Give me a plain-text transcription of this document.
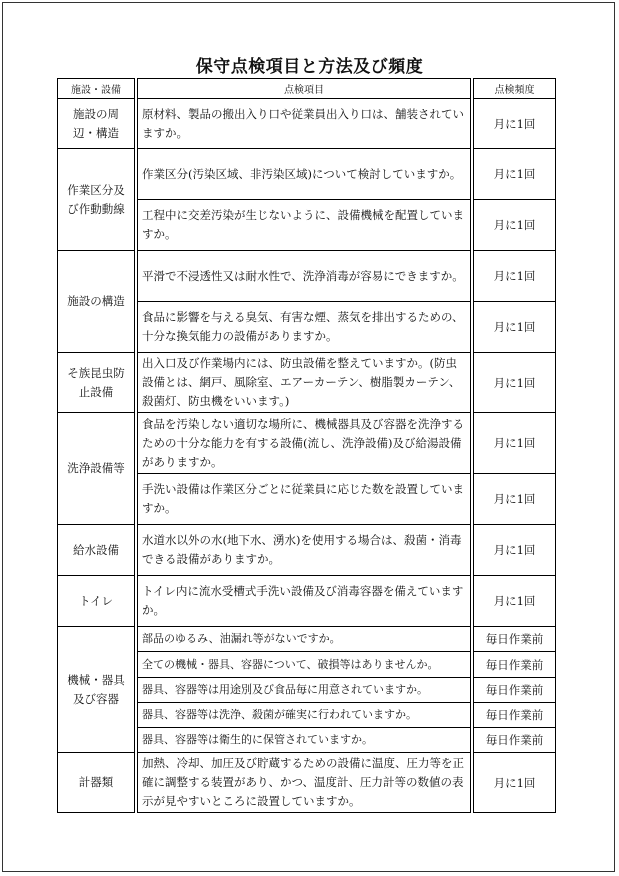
保守点検項目と方法及び頻度
施設・設備		点検項目		点検頻度
施設の周辺・構造		原材料、製品の搬出入り口や従業員出入り口は、舗装されていますか。		月に1回
作業区分及び作動動線		作業区分(汚染区域、非汚染区域)について検討していますか。		月に1回
		工程中に交差汚染が生じないように、設備機械を配置していますか。		月に1回
施設の構造		平滑で不浸透性又は耐水性で、洗浄消毒が容易にできますか。		月に1回
		食品に影響を与える臭気、有害な煙、蒸気を排出するための、十分な換気能力の設備がありますか。		月に1回
そ族昆虫防止設備		出入口及び作業場内には、防虫設備を整えていますか。(防虫設備とは、網戸、風除室、エアーカーテン、樹脂製カーテン、殺菌灯、防虫機をいいます。)		月に1回
洗浄設備等		食品を汚染しない適切な場所に、機械器具及び容器を洗浄するための十分な能力を有する設備(流し、洗浄設備)及び給湯設備がありますか。		月に1回
		手洗い設備は作業区分ごとに従業員に応じた数を設置していますか。		月に1回
給水設備		水道水以外の水(地下水、湧水)を使用する場合は、殺菌・消毒できる設備がありますか。		月に1回
トイレ		トイレ内に流水受槽式手洗い設備及び消毒容器を備えていますか。		月に1回
機械・器具及び容器		部品のゆるみ、油漏れ等がないですか。		毎日作業前
		全ての機械・器具、容器について、破損等はありませんか。		毎日作業前
		器具、容器等は用途別及び食品毎に用意されていますか。		毎日作業前
		器具、容器等は洗浄、殺菌が確実に行われていますか。		毎日作業前
		器具、容器等は衛生的に保管されていますか。		毎日作業前
計器類		加熱、冷却、加圧及び貯蔵するための設備に温度、圧力等を正確に調整する装置があり、かつ、温度計、圧力計等の数値の表示が見やすいところに設置していますか。		月に1回
